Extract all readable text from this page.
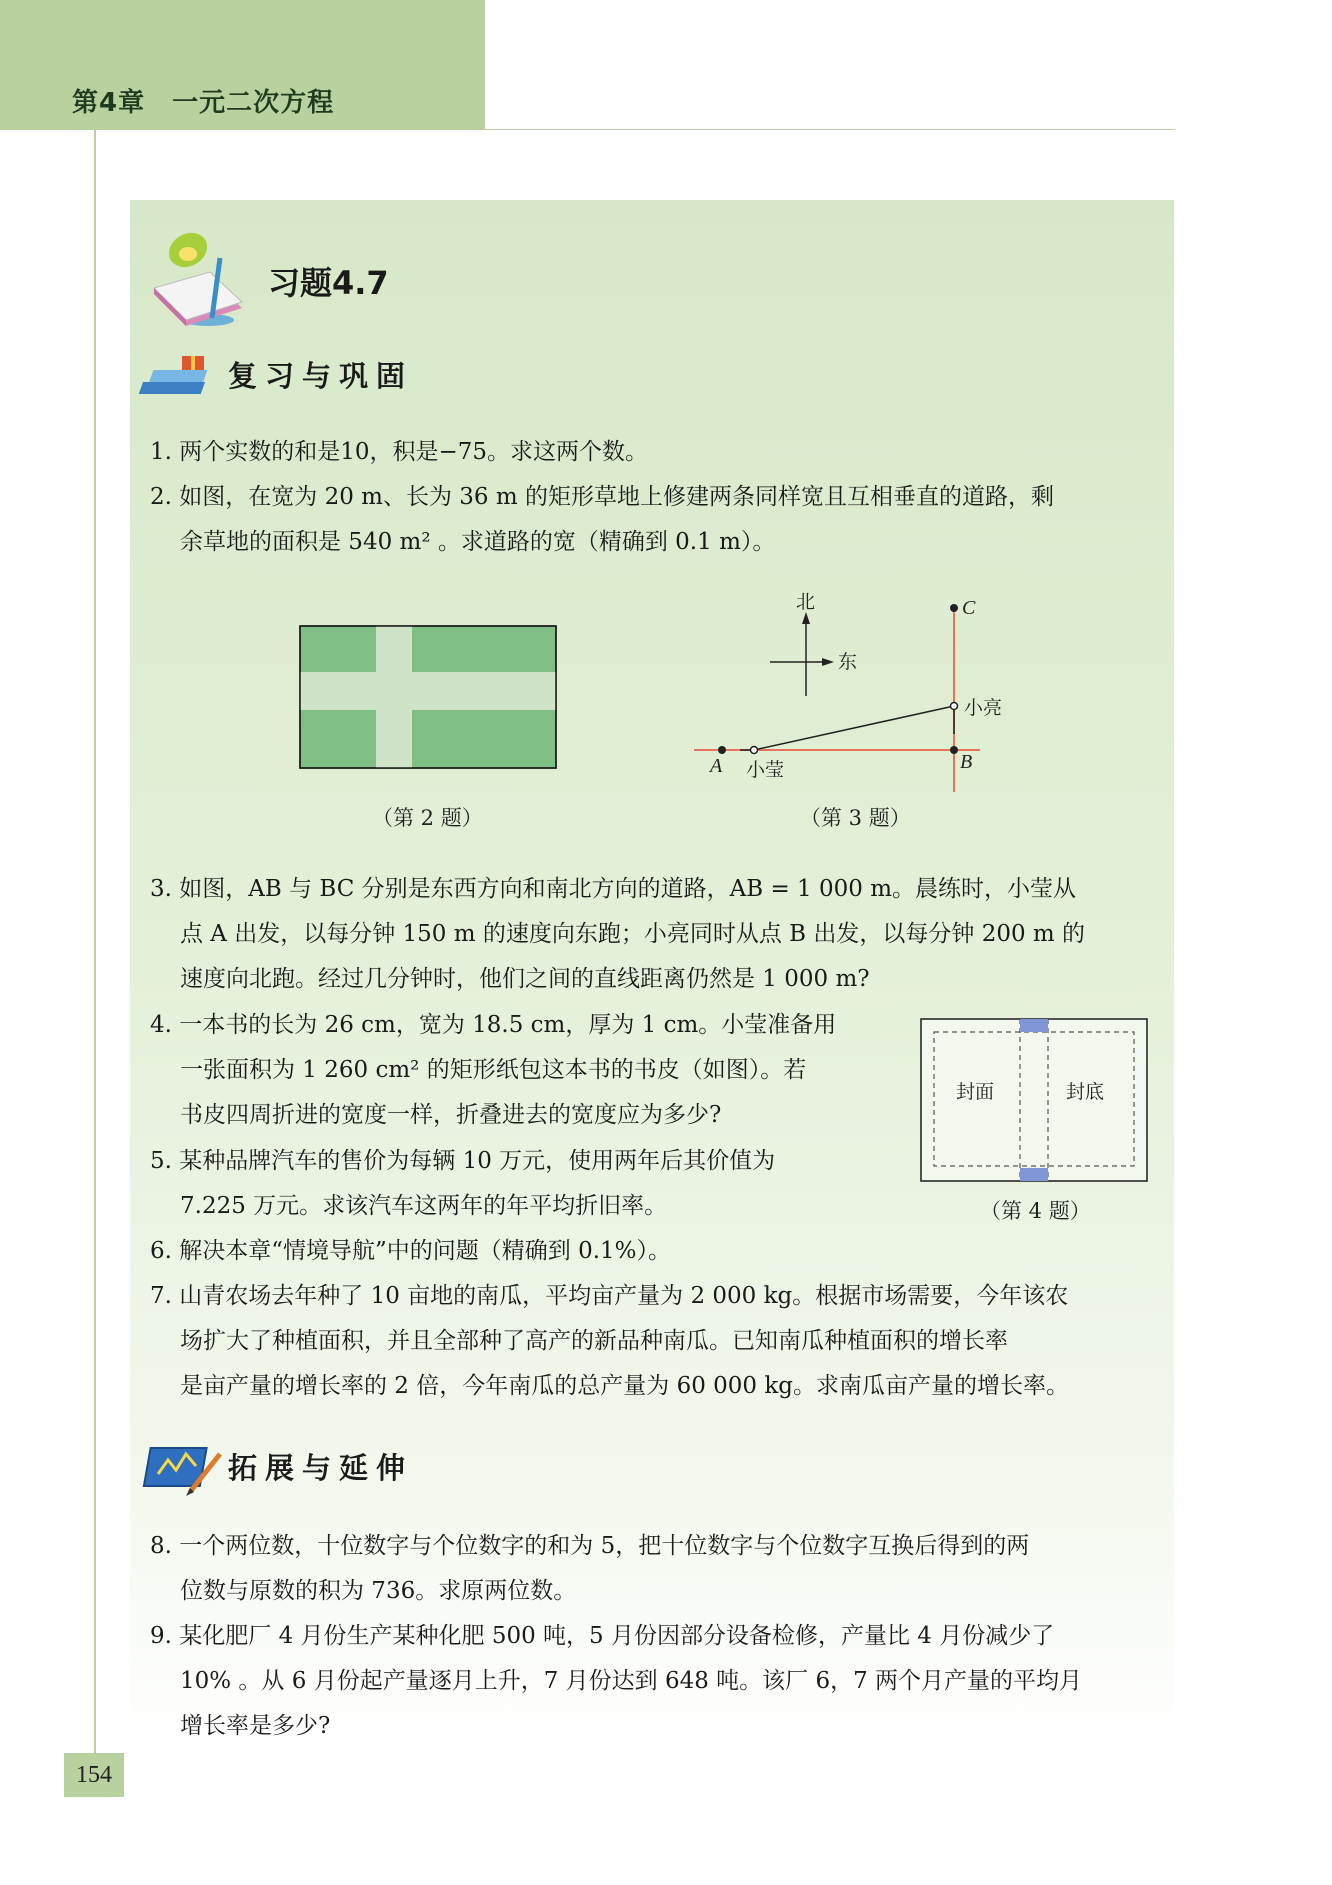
第4章　一元二次方程
习题4.7
复习与巩固
1. 两个实数的和是10，积是−75。求这两个数。
2. 如图，在宽为 20 m、长为 36 m 的矩形草地上修建两条同样宽且互相垂直的道路，剩
余草地的面积是 540 m² 。求道路的宽（精确到 0.1 m）。
（第 2 题）
北
东
A 小莹	B
小亮
C
（第 3 题）
3. 如图，AB 与 BC 分别是东西方向和南北方向的道路，AB = 1 000 m。晨练时，小莹从
点 A 出发，以每分钟 150 m 的速度向东跑；小亮同时从点 B 出发，以每分钟 200 m 的
速度向北跑。经过几分钟时，他们之间的直线距离仍然是 1 000 m?
4. 一本书的长为 26 cm，宽为 18.5 cm，厚为 1 cm。小莹准备用
一张面积为 1 260 cm² 的矩形纸包这本书的书皮（如图）。若
书皮四周折进的宽度一样，折叠进去的宽度应为多少?
封面	封底
（第 4 题）
5. 某种品牌汽车的售价为每辆 10 万元，使用两年后其价值为
7.225 万元。求该汽车这两年的年平均折旧率。
6. 解决本章“情境导航”中的问题（精确到 0.1%）。
7. 山青农场去年种了 10 亩地的南瓜，平均亩产量为 2 000 kg。根据市场需要，今年该农
场扩大了种植面积，并且全部种了高产的新品种南瓜。已知南瓜种植面积的增长率
是亩产量的增长率的 2 倍，今年南瓜的总产量为 60 000 kg。求南瓜亩产量的增长率。
拓展与延伸
8. 一个两位数，十位数字与个位数字的和为 5，把十位数字与个位数字互换后得到的两
位数与原数的积为 736。求原两位数。
9. 某化肥厂 4 月份生产某种化肥 500 吨，5 月份因部分设备检修，产量比 4 月份减少了
10% 。从 6 月份起产量逐月上升，7 月份达到 648 吨。该厂 6，7 两个月产量的平均月
增长率是多少?
154
